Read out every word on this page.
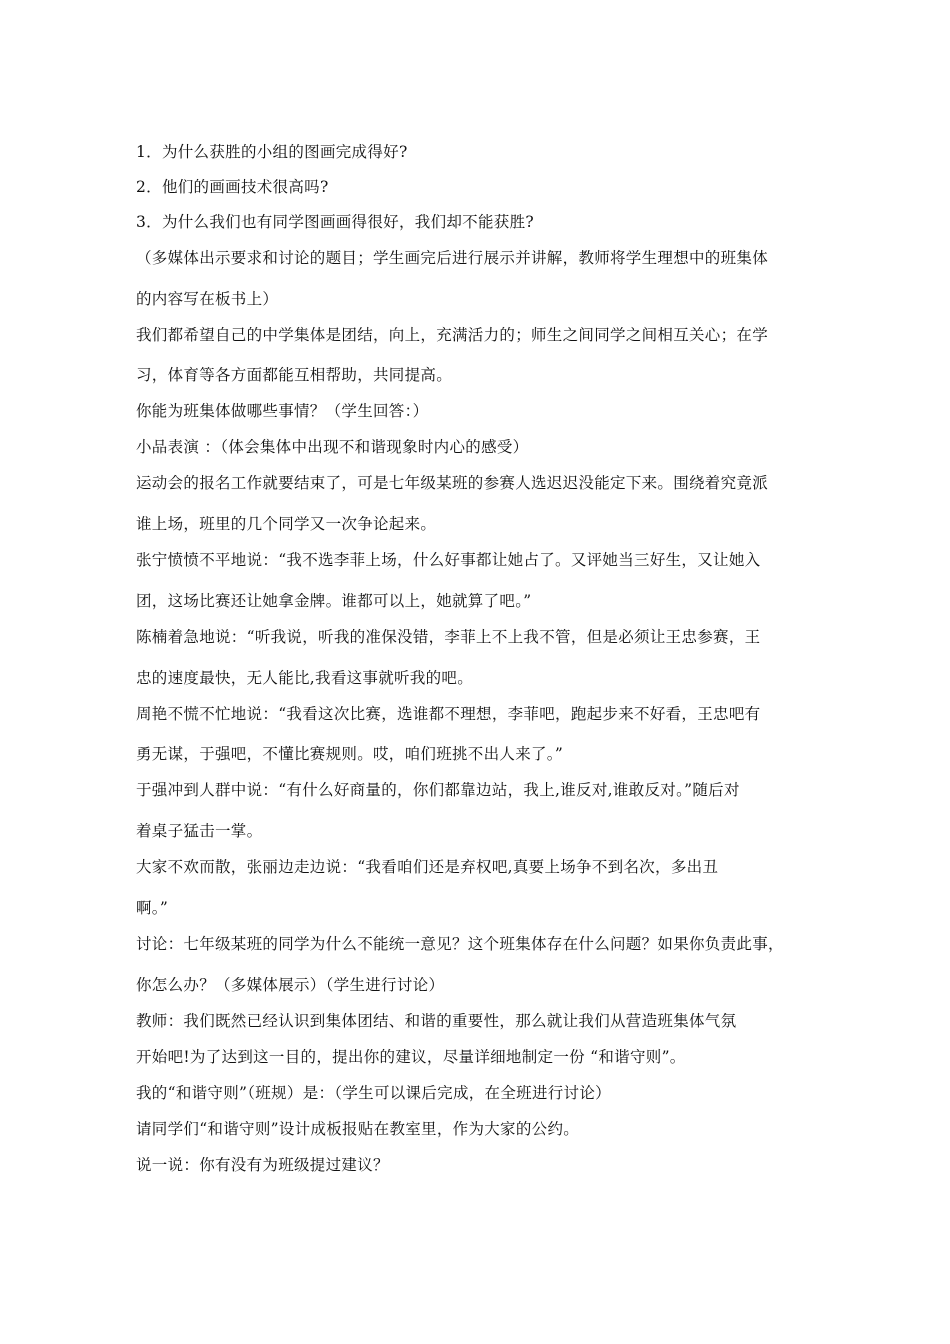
1．为什么获胜的小组的图画完成得好?
2．他们的画画技术很高吗?
3．为什么我们也有同学图画画得很好，我们却不能获胜?
（多媒体出示要求和讨论的题目；学生画完后进行展示并讲解，教师将学生理想中的班集体
的内容写在板书上）
我们都希望自己的中学集体是团结，向上，充满活力的；师生之间同学之间相互关心；在学
习，体育等各方面都能互相帮助，共同提高。
你能为班集体做哪些事情？（学生回答：）
小品表演 ：（体会集体中出现不和谐现象时内心的感受）
运动会的报名工作就要结束了，可是七年级某班的参赛人选迟迟没能定下来。围绕着究竟派
谁上场，班里的几个同学又一次争论起来。
张宁愤愤不平地说：“我不选李菲上场，什么好事都让她占了。又评她当三好生，又让她入
团，这场比赛还让她拿金牌。谁都可以上，她就算了吧。”
陈楠着急地说：“听我说，听我的准保没错，李菲上不上我不管，但是必须让王忠参赛，王
忠的速度最快，无人能比,我看这事就听我的吧。
周艳不慌不忙地说：“我看这次比赛，选谁都不理想，李菲吧，跑起步来不好看，王忠吧有
勇无谋，于强吧，不懂比赛规则。哎，咱们班挑不出人来了。”
于强冲到人群中说：“有什么好商量的，你们都靠边站，我上,谁反对,谁敢反对。”随后对
着桌子猛击一掌。
大家不欢而散，张丽边走边说：“我看咱们还是弃权吧,真要上场争不到名次，多出丑
啊。”
讨论：七年级某班的同学为什么不能统一意见？这个班集体存在什么问题？如果你负责此事，
你怎么办？（多媒体展示）（学生进行讨论）
教师：我们既然已经认识到集体团结、和谐的重要性，那么就让我们从营造班集体气氛
开始吧!为了达到这一目的，提出你的建议，尽量详细地制定一份 “和谐守则”。
我的“和谐守则”（班规）是：（学生可以课后完成，在全班进行讨论）
请同学们“和谐守则”设计成板报贴在教室里，作为大家的公约。
说一说：你有没有为班级提过建议？
